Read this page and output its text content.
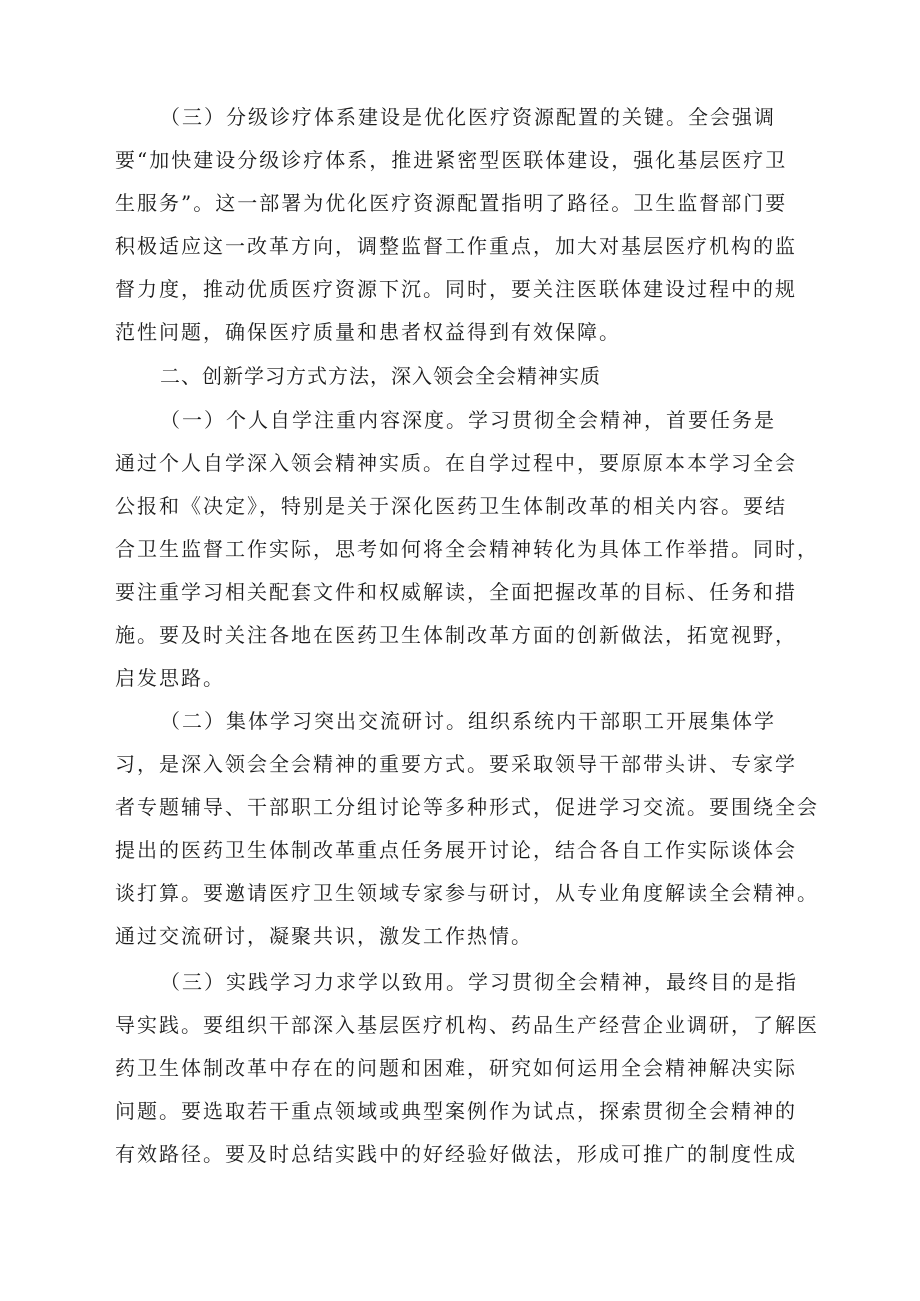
（三）分级诊疗体系建设是优化医疗资源配置的关键。全会强调
要“加快建设分级诊疗体系，推进紧密型医联体建设，强化基层医疗卫
生服务”。这一部署为优化医疗资源配置指明了路径。卫生监督部门要
积极适应这一改革方向，调整监督工作重点，加大对基层医疗机构的监
督力度，推动优质医疗资源下沉。同时，要关注医联体建设过程中的规
范性问题，确保医疗质量和患者权益得到有效保障。
二、创新学习方式方法，深入领会全会精神实质
（一）个人自学注重内容深度。学习贯彻全会精神，首要任务是
通过个人自学深入领会精神实质。在自学过程中，要原原本本学习全会
公报和《决定》，特别是关于深化医药卫生体制改革的相关内容。要结
合卫生监督工作实际，思考如何将全会精神转化为具体工作举措。同时，
要注重学习相关配套文件和权威解读，全面把握改革的目标、任务和措
施。要及时关注各地在医药卫生体制改革方面的创新做法，拓宽视野，
启发思路。
（二）集体学习突出交流研讨。组织系统内干部职工开展集体学
习，是深入领会全会精神的重要方式。要采取领导干部带头讲、专家学
者专题辅导、干部职工分组讨论等多种形式，促进学习交流。要围绕全会
提出的医药卫生体制改革重点任务展开讨论，结合各自工作实际谈体会
谈打算。要邀请医疗卫生领域专家参与研讨，从专业角度解读全会精神。
通过交流研讨，凝聚共识，激发工作热情。
（三）实践学习力求学以致用。学习贯彻全会精神，最终目的是指
导实践。要组织干部深入基层医疗机构、药品生产经营企业调研，了解医
药卫生体制改革中存在的问题和困难，研究如何运用全会精神解决实际
问题。要选取若干重点领域或典型案例作为试点，探索贯彻全会精神的
有效路径。要及时总结实践中的好经验好做法，形成可推广的制度性成
